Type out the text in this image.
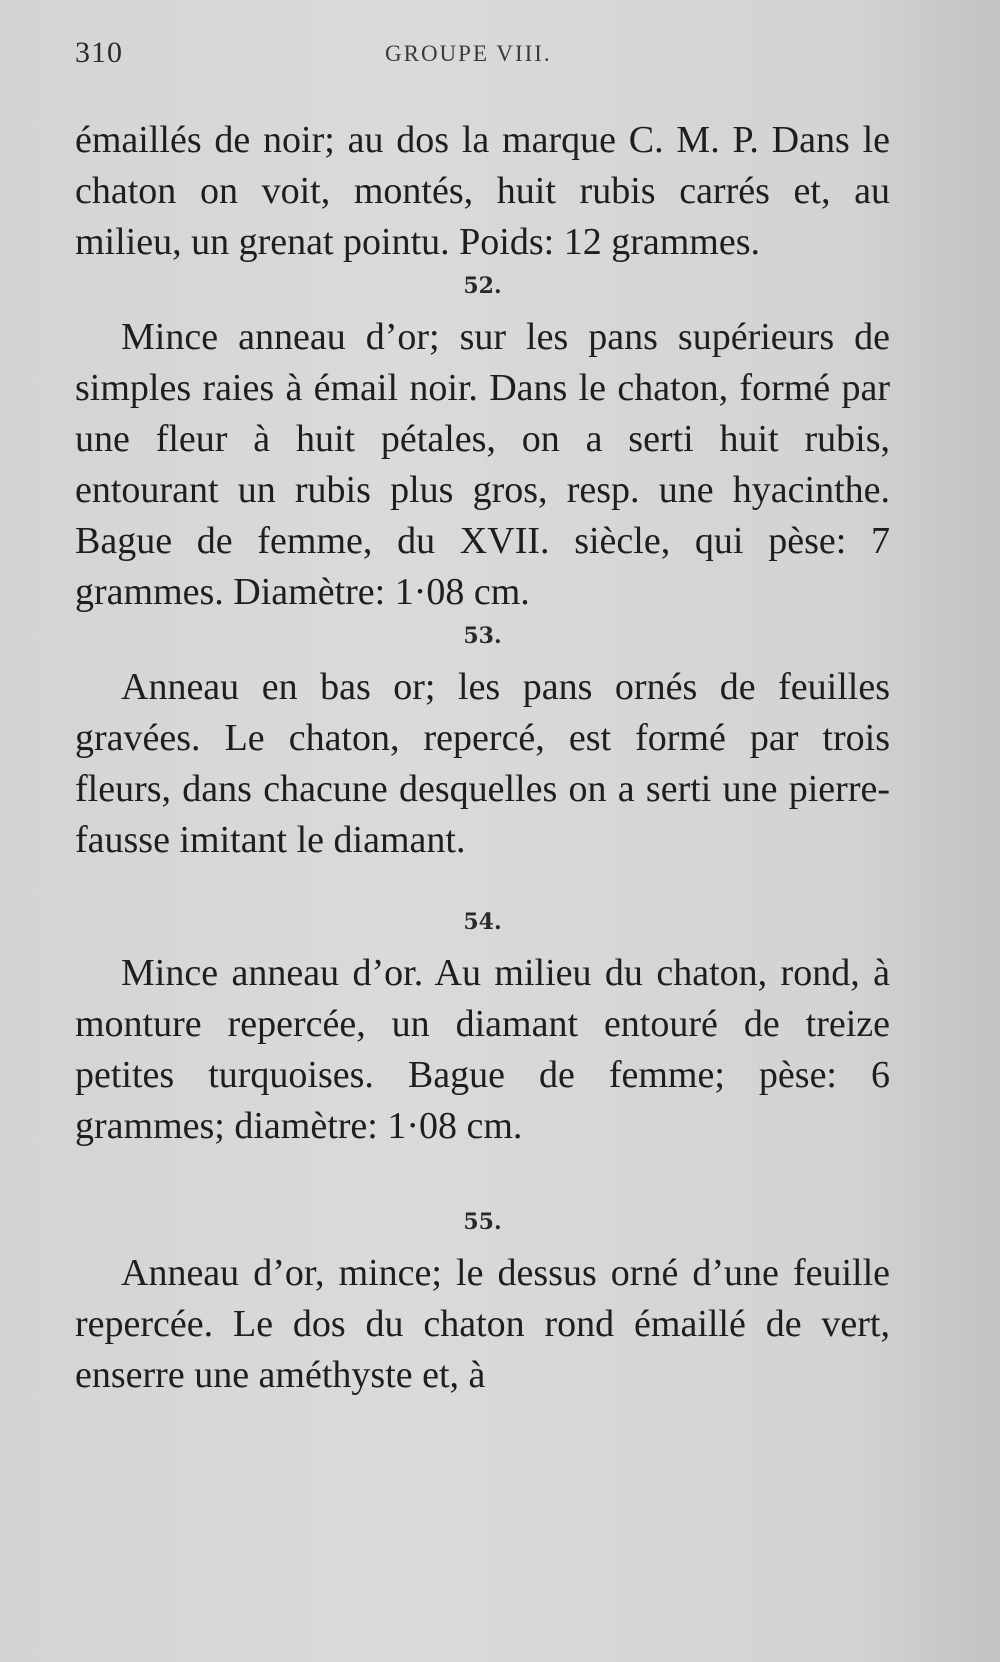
310	GROUPE VIII.

émaillés de noir; au dos la marque C. M. P. Dans le chaton on voit, montés, huit rubis carrés et, au milieu, un grenat pointu. Poids: 12 grammes.

52.

Mince anneau d’or; sur les pans supérieurs de simples raies à émail noir. Dans le chaton, formé par une fleur à huit pétales, on a serti huit rubis, entourant un rubis plus gros, resp. une hyacinthe. Bague de femme, du XVII. siècle, qui pèse: 7 grammes. Diamètre: 1·08 cm.

53.

Anneau en bas or; les pans ornés de feuilles gravées. Le chaton, repercé, est formé par trois fleurs, dans chacune desquelles on a serti une pierre-fausse imitant le diamant.

54.

Mince anneau d’or. Au milieu du chaton, rond, à monture repercée, un diamant entouré de treize petites turquoises. Bague de femme; pèse: 6 grammes; diamètre: 1·08 cm.

55.

Anneau d’or, mince; le dessus orné d’une feuille repercée. Le dos du chaton rond émaillé de vert, enserre une améthyste et, à
